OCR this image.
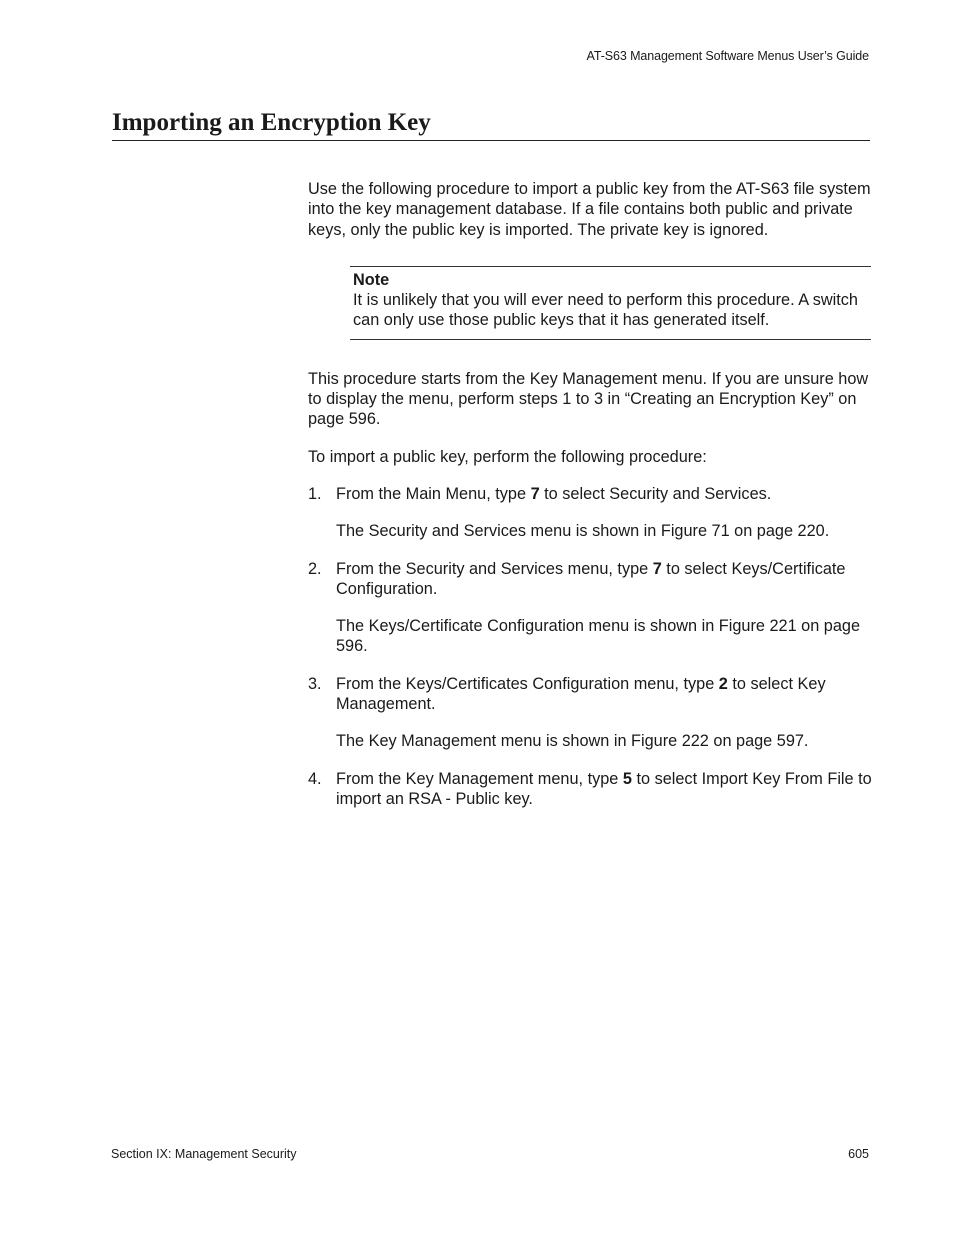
AT-S63 Management Software Menus User’s Guide
Importing an Encryption Key

Use the following procedure to import a public key from the AT-S63 file system into the key management database. If a file contains both public and private keys, only the public key is imported. The private key is ignored.

Note
It is unlikely that you will ever need to perform this procedure. A switch can only use those public keys that it has generated itself.

This procedure starts from the Key Management menu. If you are unsure how to display the menu, perform steps 1 to 3 in “Creating an Encryption Key” on page 596.

To import a public key, perform the following procedure:

1. From the Main Menu, type 7 to select Security and Services.

The Security and Services menu is shown in Figure 71 on page 220.

2. From the Security and Services menu, type 7 to select Keys/Certificate Configuration.

The Keys/Certificate Configuration menu is shown in Figure 221 on page 596.

3. From the Keys/Certificates Configuration menu, type 2 to select Key Management.

The Key Management menu is shown in Figure 222 on page 597.

4. From the Key Management menu, type 5 to select Import Key From File to import an RSA - Public key.

Section IX: Management Security	605
